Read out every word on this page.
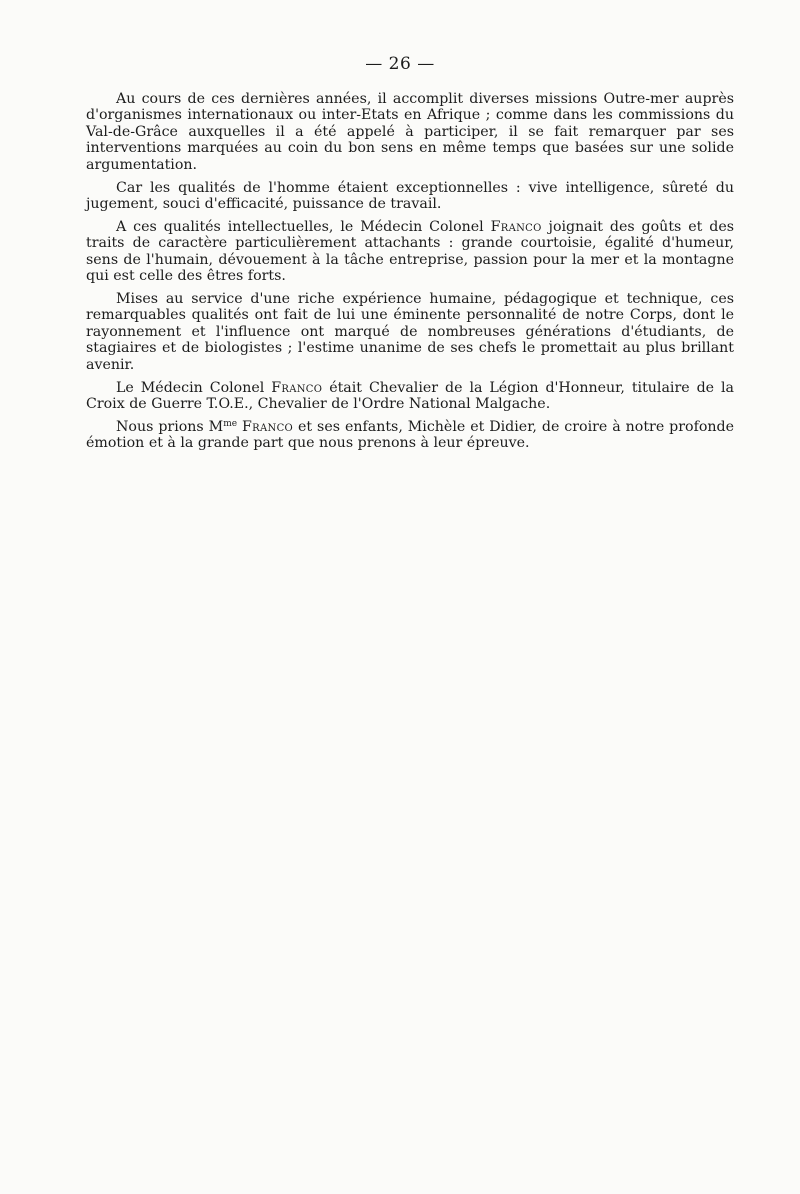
— 26 —

Au cours de ces dernières années, il accomplit diverses missions Outre-mer auprès d'organismes internationaux ou inter-Etats en Afrique ; comme dans les commissions du Val-de-Grâce auxquelles il a été appelé à participer, il se fait remarquer par ses interventions marquées au coin du bon sens en même temps que basées sur une solide argumentation.

Car les qualités de l'homme étaient exceptionnelles : vive intelligence, sûreté du jugement, souci d'efficacité, puissance de travail.

A ces qualités intellectuelles, le Médecin Colonel Franco joignait des goûts et des traits de caractère particulièrement attachants : grande courtoisie, égalité d'humeur, sens de l'humain, dévouement à la tâche entreprise, passion pour la mer et la montagne qui est celle des êtres forts.

Mises au service d'une riche expérience humaine, pédagogique et technique, ces remarquables qualités ont fait de lui une éminente personnalité de notre Corps, dont le rayonnement et l'influence ont marqué de nombreuses générations d'étudiants, de stagiaires et de biologistes ; l'estime unanime de ses chefs le promettait au plus brillant avenir.

Le Médecin Colonel Franco était Chevalier de la Légion d'Honneur, titulaire de la Croix de Guerre T.O.E., Chevalier de l'Ordre National Malgache.

Nous prions $M^{me}$ Franco et ses enfants, Michèle et Didier, de croire à notre profonde émotion et à la grande part que nous prenons à leur épreuve.
